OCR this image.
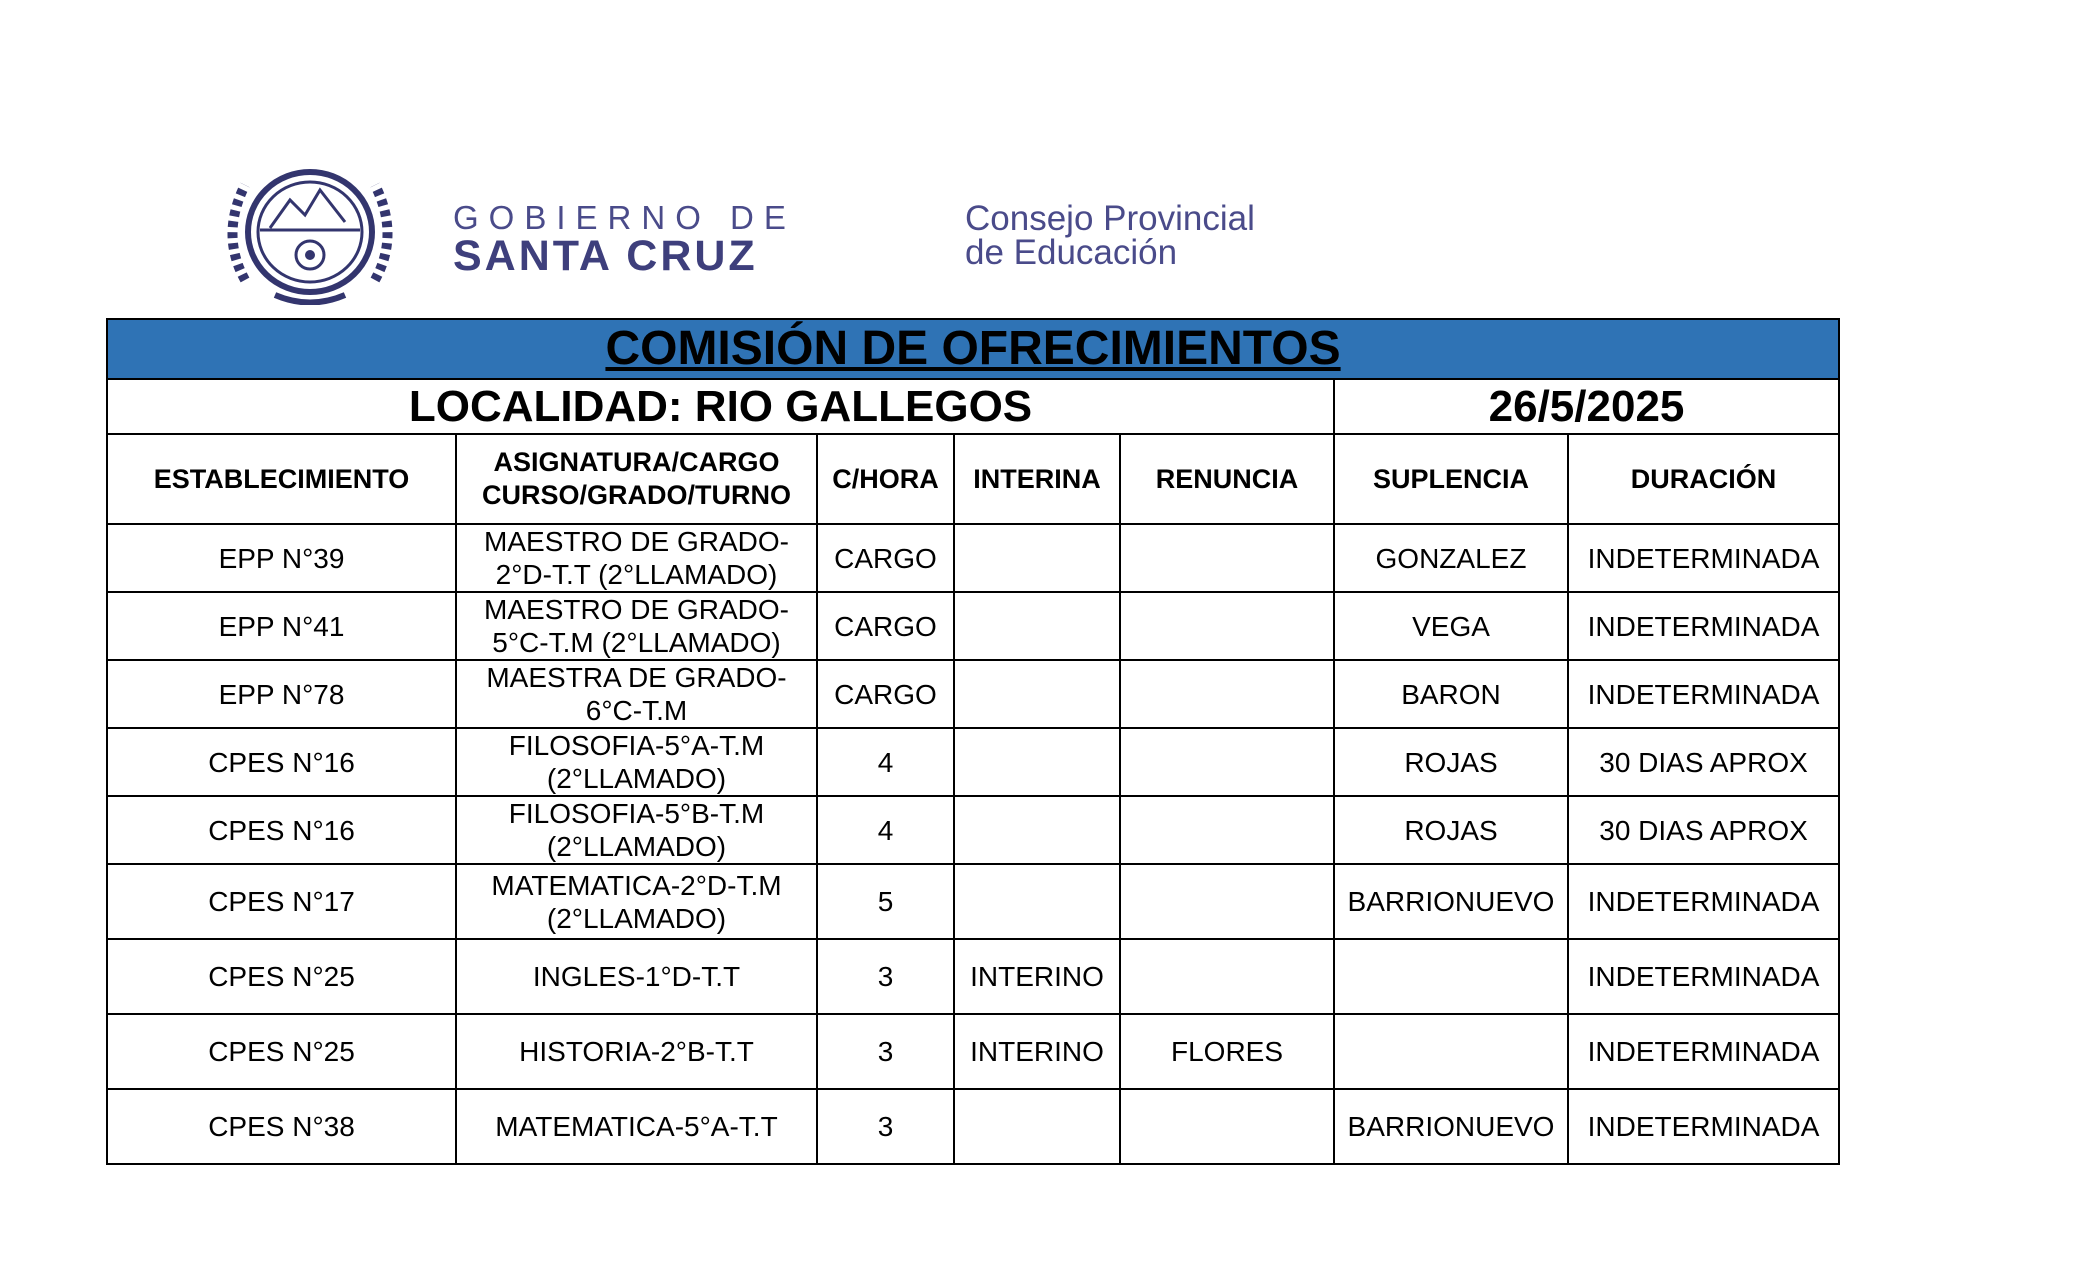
GOBIERNO DE
SANTA CRUZ
Consejo Provincial
de Educación
COMISIÓN DE OFRECIMIENTOS						
LOCALIDAD: RIO GALLEGOS					26/5/2025	
ESTABLECIMIENTO	ASIGNATURA/CARGO CURSO/GRADO/TURNO	C/HORA	INTERINA	RENUNCIA	SUPLENCIA	DURACIÓN
EPP N°39	MAESTRO DE GRADO-2°D-T.T (2°LLAMADO)	CARGO			GONZALEZ	INDETERMINADA
EPP N°41	MAESTRO DE GRADO-5°C-T.M (2°LLAMADO)	CARGO			VEGA	INDETERMINADA
EPP N°78	MAESTRA DE GRADO-6°C-T.M	CARGO			BARON	INDETERMINADA
CPES N°16	FILOSOFIA-5°A-T.M (2°LLAMADO)	4			ROJAS	30 DIAS APROX
CPES N°16	FILOSOFIA-5°B-T.M (2°LLAMADO)	4			ROJAS	30 DIAS APROX
CPES N°17	MATEMATICA-2°D-T.M (2°LLAMADO)	5			BARRIONUEVO	INDETERMINADA
CPES N°25	INGLES-1°D-T.T	3	INTERINO			INDETERMINADA
CPES N°25	HISTORIA-2°B-T.T	3	INTERINO	FLORES		INDETERMINADA
CPES N°38	MATEMATICA-5°A-T.T	3			BARRIONUEVO	INDETERMINADA
